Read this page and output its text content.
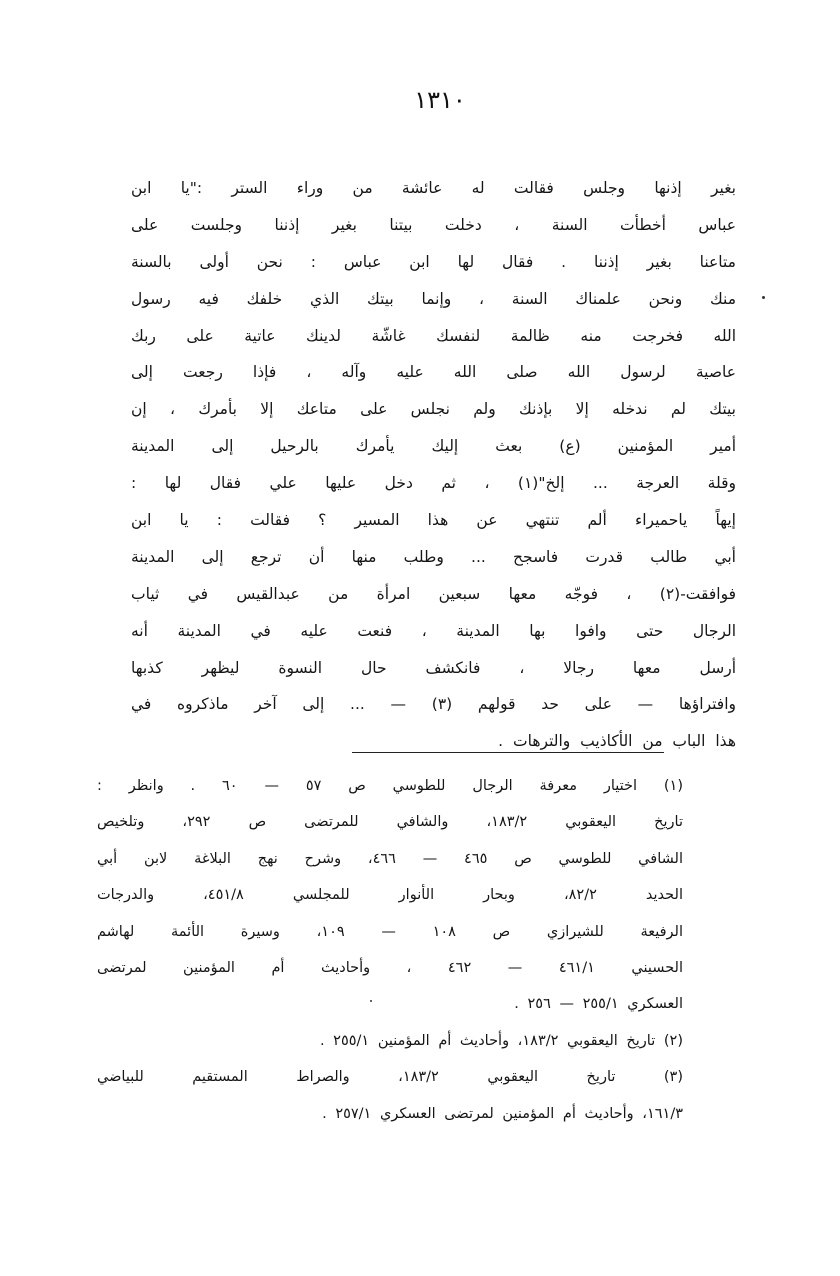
١٣١٠
بغير إذنها وجلس فقالت له عائشة من وراء الستر :"يا ابن
عباس أخطأت السنة ، دخلت بيتنا بغير إذننا وجلست على
متاعنا بغير إذننا . فقال لها ابن عباس : نحن أولى بالسنة
منك ونحن علمناك السنة ، وإنما بيتك الذي خلفك فيه رسول
الله فخرجت منه ظالمة لنفسك غاشّة لدينك عاتية على ربك
عاصية لرسول الله صلى الله عليه وآله ، فإذا رجعت إلى
بيتك لم ندخله إلا بإذنك ولم نجلس على متاعك إلا بأمرك ، إن
أمير المؤمنين (ع) بعث إليك يأمرك بالرحيل إلى المدينة
وقلة العرجة ... إلخ"(١) ، ثم دخل عليها علي فقال لها :
إيهاً ياحميراء ألم تنتهي عن هذا المسير ؟ فقالت : يا ابن
أبي طالب قدرت فاسجح ... وطلب منها أن ترجع إلى المدينة
فوافقت-(٢) ، فوجّه معها سبعين امرأة من عبدالقيس في ثياب
الرجال حتى وافوا بها المدينة ، فنعت عليه في المدينة أنه
أرسل معها رجالا ، فانكشف حال النسوة ليظهر كذبها
وافتراؤها — على حد قولهم (٣) — ... إلى آخر ماذكروه في
هذا الباب من الأكاذيب والترهات .
(١) اختيار معرفة الرجال للطوسي ص ٥٧ — ٦٠ . وانظر :
تاريخ اليعقوبي ١٨٣/٢، والشافي للمرتضى ص ٢٩٢، وتلخيص
الشافي للطوسي ص ٤٦٥ — ٤٦٦، وشرح نهج البلاغة لابن أبي
الحديد ٨٢/٢، وبحار الأنوار للمجلسي ٤٥١/٨، والدرجات
الرفيعة للشيرازي ص ١٠٨ — ١٠٩، وسيرة الأئمة لهاشم
الحسيني ٤٦١/١ — ٤٦٢ ، وأحاديث أم المؤمنين لمرتضى
العسكري ٢٥٥/١ — ٢٥٦ .
(٢) تاريخ اليعقوبي ١٨٣/٢، وأحاديث أم المؤمنين ٢٥٥/١ .
(٣) تاريخ اليعقوبي ١٨٣/٢، والصراط المستقيم للبياضي
١٦١/٣، وأحاديث أم المؤمنين لمرتضى العسكري ٢٥٧/١ .
